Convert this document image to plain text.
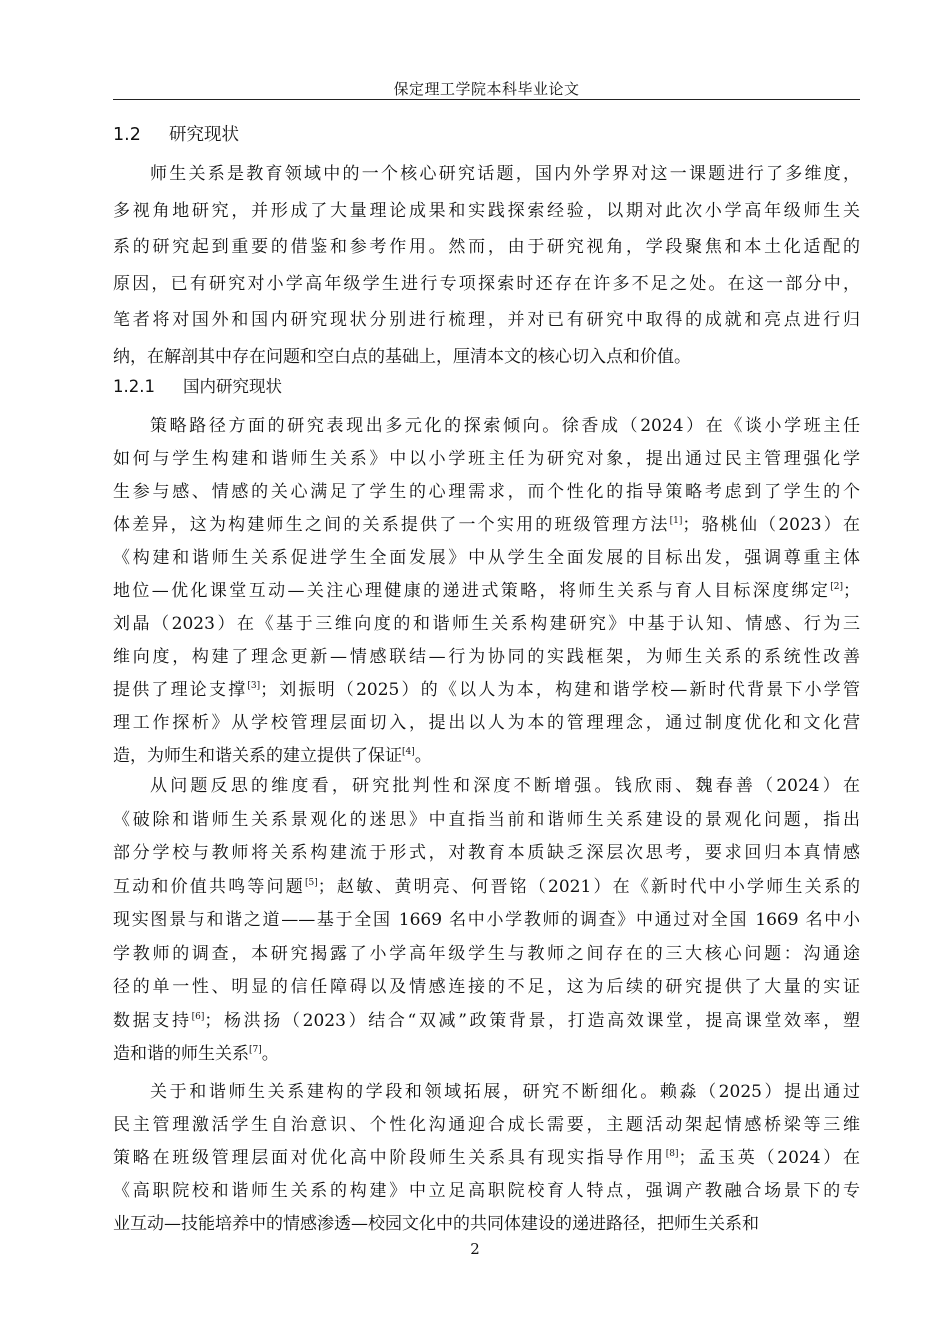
保定理工学院本科毕业论文
1.2 研究现状
师生关系是教育领域中的一个核心研究话题，国内外学界对这一课题进行了多维度，
多视角地研究，并形成了大量理论成果和实践探索经验，以期对此次小学高年级师生关
系的研究起到重要的借鉴和参考作用。然而，由于研究视角，学段聚焦和本土化适配的
原因，已有研究对小学高年级学生进行专项探索时还存在许多不足之处。在这一部分中，
笔者将对国外和国内研究现状分别进行梳理，并对已有研究中取得的成就和亮点进行归
纳，在解剖其中存在问题和空白点的基础上，厘清本文的核心切入点和价值。
1.2.1 国内研究现状
策略路径方面的研究表现出多元化的探索倾向。徐香成（2024）在《谈小学班主任
如何与学生构建和谐师生关系》中以小学班主任为研究对象，提出通过民主管理强化学
生参与感、情感的关心满足了学生的心理需求，而个性化的指导策略考虑到了学生的个
体差异，这为构建师生之间的关系提供了一个实用的班级管理方法[1]；骆桃仙（2023）在
《构建和谐师生关系促进学生全面发展》中从学生全面发展的目标出发，强调尊重主体
地位—优化课堂互动—关注心理健康的递进式策略，将师生关系与育人目标深度绑定[2]；
刘晶（2023）在《基于三维向度的和谐师生关系构建研究》中基于认知、情感、行为三
维向度，构建了理念更新—情感联结—行为协同的实践框架，为师生关系的系统性改善
提供了理论支撑[3]；刘振明（2025）的《以人为本，构建和谐学校—新时代背景下小学管
理工作探析》从学校管理层面切入，提出以人为本的管理理念，通过制度优化和文化营
造，为师生和谐关系的建立提供了保证[4]。
从问题反思的维度看，研究批判性和深度不断增强。钱欣雨、魏春善（2024）在
《破除和谐师生关系景观化的迷思》中直指当前和谐师生关系建设的景观化问题，指出
部分学校与教师将关系构建流于形式，对教育本质缺乏深层次思考，要求回归本真情感
互动和价值共鸣等问题[5]；赵敏、黄明亮、何晋铭（2021）在《新时代中小学师生关系的
现实图景与和谐之道——基于全国 1669 名中小学教师的调查》中通过对全国 1669 名中小
学教师的调查，本研究揭露了小学高年级学生与教师之间存在的三大核心问题：沟通途
径的单一性、明显的信任障碍以及情感连接的不足，这为后续的研究提供了大量的实证
数据支持[6]；杨洪扬（2023）结合“双减”政策背景，打造高效课堂，提高课堂效率，塑
造和谐的师生关系[7]。
关于和谐师生关系建构的学段和领域拓展，研究不断细化。赖淼（2025）提出通过
民主管理激活学生自治意识、个性化沟通迎合成长需要，主题活动架起情感桥梁等三维
策略在班级管理层面对优化高中阶段师生关系具有现实指导作用[8]；孟玉英（2024）在
《高职院校和谐师生关系的构建》中立足高职院校育人特点，强调产教融合场景下的专
业互动—技能培养中的情感渗透—校园文化中的共同体建设的递进路径，把师生关系和
2
